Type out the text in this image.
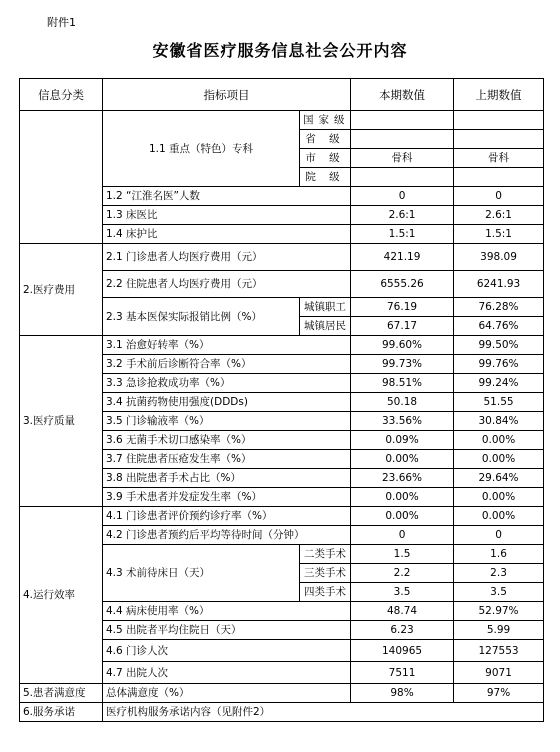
附件1
安徽省医疗服务信息社会公开内容
信息分类	指标项目		本期数值	上期数值
	1.1 重点（特色）专科	国家级		
		省 级		
		市 级	骨科	骨科
		院 级		
	1.2 “江淮名医”人数		0	0
	1.3 床医比		2.6:1	2.6:1
	1.4 床护比		1.5:1	1.5:1
2.医疗费用	2.1 门诊患者人均医疗费用（元）		421.19	398.09
	2.2 住院患者人均医疗费用（元）		6555.26	6241.93
	2.3 基本医保实际报销比例（%）	城镇职工	76.19	76.28%
		城镇居民	67.17	64.76%
3.医疗质量	3.1 治愈好转率（%）		99.60%	99.50%
	3.2 手术前后诊断符合率（%）		99.73%	99.76%
	3.3 急诊抢救成功率（%）		98.51%	99.24%
	3.4 抗菌药物使用强度(DDDs)		50.18	51.55
	3.5 门诊输液率（%）		33.56%	30.84%
	3.6 无菌手术切口感染率（%）		0.09%	0.00%
	3.7 住院患者压疮发生率（%）		0.00%	0.00%
	3.8 出院患者手术占比（%）		23.66%	29.64%
	3.9 手术患者并发症发生率（%）		0.00%	0.00%
4.运行效率	4.1 门诊患者评价预约诊疗率（%）		0.00%	0.00%
	4.2 门诊患者预约后平均等待时间（分钟）		0	0
	4.3 术前待床日（天）	二类手术	1.5	1.6
		三类手术	2.2	2.3
		四类手术	3.5	3.5
	4.4 病床使用率（%）		48.74	52.97%
	4.5 出院者平均住院日（天）		6.23	5.99
	4.6 门诊人次		140965	127553
	4.7 出院人次		7511	9071
5.患者满意度	总体满意度（%）		98%	97%
6.服务承诺	医疗机构服务承诺内容（见附件2）			
